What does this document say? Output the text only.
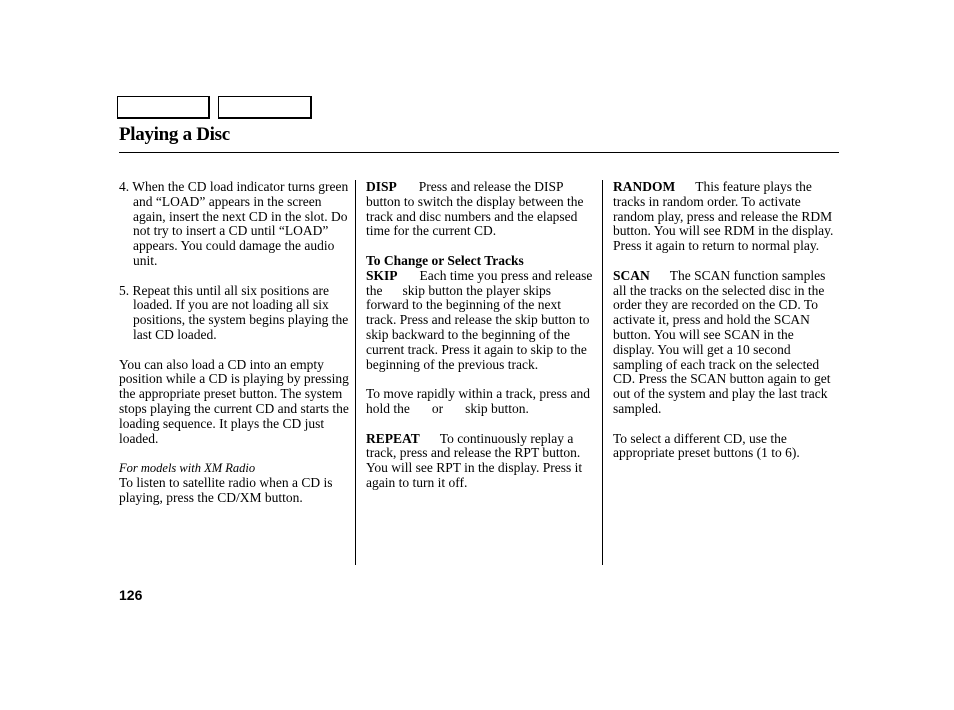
Playing a Disc

4. When the CD load indicator turns green and “LOAD” appears in the screen again, insert the next CD in the slot. Do not try to insert a CD until “LOAD” appears. You could damage the audio unit.

5. Repeat this until all six positions are loaded. If you are not loading all six positions, the system begins playing the last CD loaded.

You can also load a CD into an empty position while a CD is playing by pressing the appropriate preset button. The system stops playing the current CD and starts the loading sequence. It plays the CD just loaded.

For models with XM Radio

To listen to satellite radio when a CD is playing, press the CD/XM button.

DISP Press and release the DISP button to switch the display between the track and disc numbers and the elapsed time for the current CD.

To Change or Select Tracks

SKIP Each time you press and release the skip button the player skips forward to the beginning of the next track. Press and release the skip button to skip backward to the beginning of the current track. Press it again to skip to the beginning of the previous track.

To move rapidly within a track, press and hold the or skip button.

REPEAT To continuously replay a track, press and release the RPT button. You will see RPT in the display. Press it again to turn it off.

RANDOM This feature plays the tracks in random order. To activate random play, press and release the RDM button. You will see RDM in the display. Press it again to return to normal play.

SCAN The SCAN function samples all the tracks on the selected disc in the order they are recorded on the CD. To activate it, press and hold the SCAN button. You will see SCAN in the display. You will get a 10 second sampling of each track on the selected CD. Press the SCAN button again to get out of the system and play the last track sampled.

To select a different CD, use the appropriate preset buttons (1 to 6).

126
